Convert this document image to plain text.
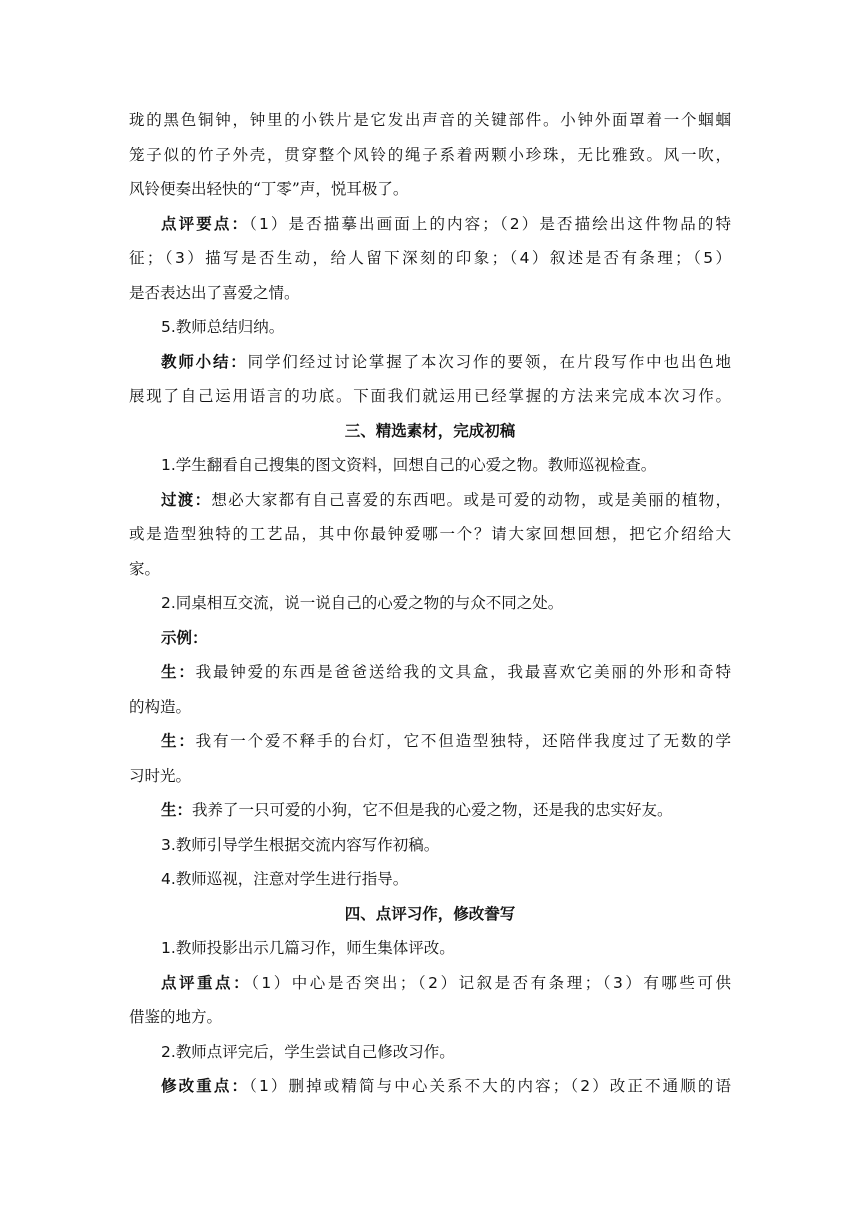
珑的黑色铜钟，钟里的小铁片是它发出声音的关键部件。小钟外面罩着一个蝈蝈
笼子似的竹子外壳，贯穿整个风铃的绳子系着两颗小珍珠，无比雅致。风一吹，
风铃便奏出轻快的“丁零”声，悦耳极了。
点评要点：（1）是否描摹出画面上的内容；（2）是否描绘出这件物品的特
征；（3）描写是否生动，给人留下深刻的印象；（4）叙述是否有条理；（5）
是否表达出了喜爱之情。
5.教师总结归纳。
教师小结：同学们经过讨论掌握了本次习作的要领，在片段写作中也出色地
展现了自己运用语言的功底。下面我们就运用已经掌握的方法来完成本次习作。
三、精选素材，完成初稿
1.学生翻看自己搜集的图文资料，回想自己的心爱之物。教师巡视检查。
过渡：想必大家都有自己喜爱的东西吧。或是可爱的动物，或是美丽的植物，
或是造型独特的工艺品，其中你最钟爱哪一个？请大家回想回想，把它介绍给大
家。
2.同桌相互交流，说一说自己的心爱之物的与众不同之处。
示例：
生：我最钟爱的东西是爸爸送给我的文具盒，我最喜欢它美丽的外形和奇特
的构造。
生：我有一个爱不释手的台灯，它不但造型独特，还陪伴我度过了无数的学
习时光。
生：我养了一只可爱的小狗，它不但是我的心爱之物，还是我的忠实好友。
3.教师引导学生根据交流内容写作初稿。
4.教师巡视，注意对学生进行指导。
四、点评习作，修改誊写
1.教师投影出示几篇习作，师生集体评改。
点评重点：（1）中心是否突出；（2）记叙是否有条理；（3）有哪些可供
借鉴的地方。
2.教师点评完后，学生尝试自己修改习作。
修改重点：（1）删掉或精简与中心关系不大的内容；（2）改正不通顺的语
